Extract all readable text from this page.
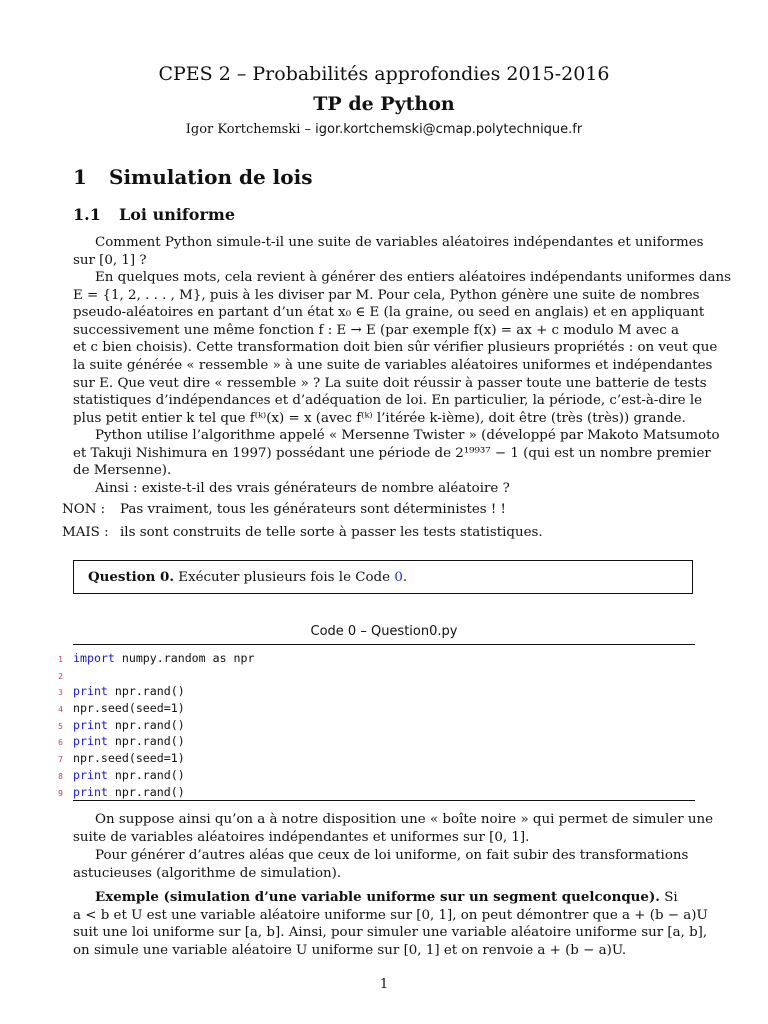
CPES 2 – Probabilités approfondies 2015-2016
TP de Python
Igor Kortchemski – igor.kortchemski@cmap.polytechnique.fr
1 Simulation de lois
1.1 Loi uniforme
Comment Python simule-t-il une suite de variables aléatoires indépendantes et uniformes
sur [0, 1] ?
En quelques mots, cela revient à générer des entiers aléatoires indépendants uniformes dans
E = {1, 2, . . . , M}, puis à les diviser par M. Pour cela, Python génère une suite de nombres
pseudo-aléatoires en partant d’un état x₀ ∈ E (la graine, ou seed en anglais) et en appliquant
successivement une même fonction f : E → E (par exemple f(x) = ax + c modulo M avec a
et c bien choisis). Cette transformation doit bien sûr vérifier plusieurs propriétés : on veut que
la suite générée « ressemble » à une suite de variables aléatoires uniformes et indépendantes
sur E. Que veut dire « ressemble » ? La suite doit réussir à passer toute une batterie de tests
statistiques d’indépendances et d’adéquation de loi. En particulier, la période, c’est-à-dire le
plus petit entier k tel que f⁽ᵏ⁾(x) = x (avec f⁽ᵏ⁾ l’itérée k-ième), doit être (très (très)) grande.
Python utilise l’algorithme appelé « Mersenne Twister » (développé par Makoto Matsumoto
et Takuji Nishimura en 1997) possédant une période de 2¹⁹⁹³⁷ − 1 (qui est un nombre premier
de Mersenne).
Ainsi : existe-t-il des vrais générateurs de nombre aléatoire ?
NON : Pas vraiment, tous les générateurs sont déterministes ! !
MAIS : ils sont construits de telle sorte à passer les tests statistiques.
Question 0. Exécuter plusieurs fois le Code 0.
Code 0 – Question0.py
1 import numpy.random as npr
2
3 print npr.rand()
4 npr.seed(seed=1)
5 print npr.rand()
6 print npr.rand()
7 npr.seed(seed=1)
8 print npr.rand()
9 print npr.rand()
On suppose ainsi qu’on a à notre disposition une « boîte noire » qui permet de simuler une
suite de variables aléatoires indépendantes et uniformes sur [0, 1].
Pour générer d’autres aléas que ceux de loi uniforme, on fait subir des transformations
astucieuses (algorithme de simulation).
Exemple (simulation d’une variable uniforme sur un segment quelconque). Si
a < b et U est une variable aléatoire uniforme sur [0, 1], on peut démontrer que a + (b − a)U
suit une loi uniforme sur [a, b]. Ainsi, pour simuler une variable aléatoire uniforme sur [a, b],
on simule une variable aléatoire U uniforme sur [0, 1] et on renvoie a + (b − a)U.
1
